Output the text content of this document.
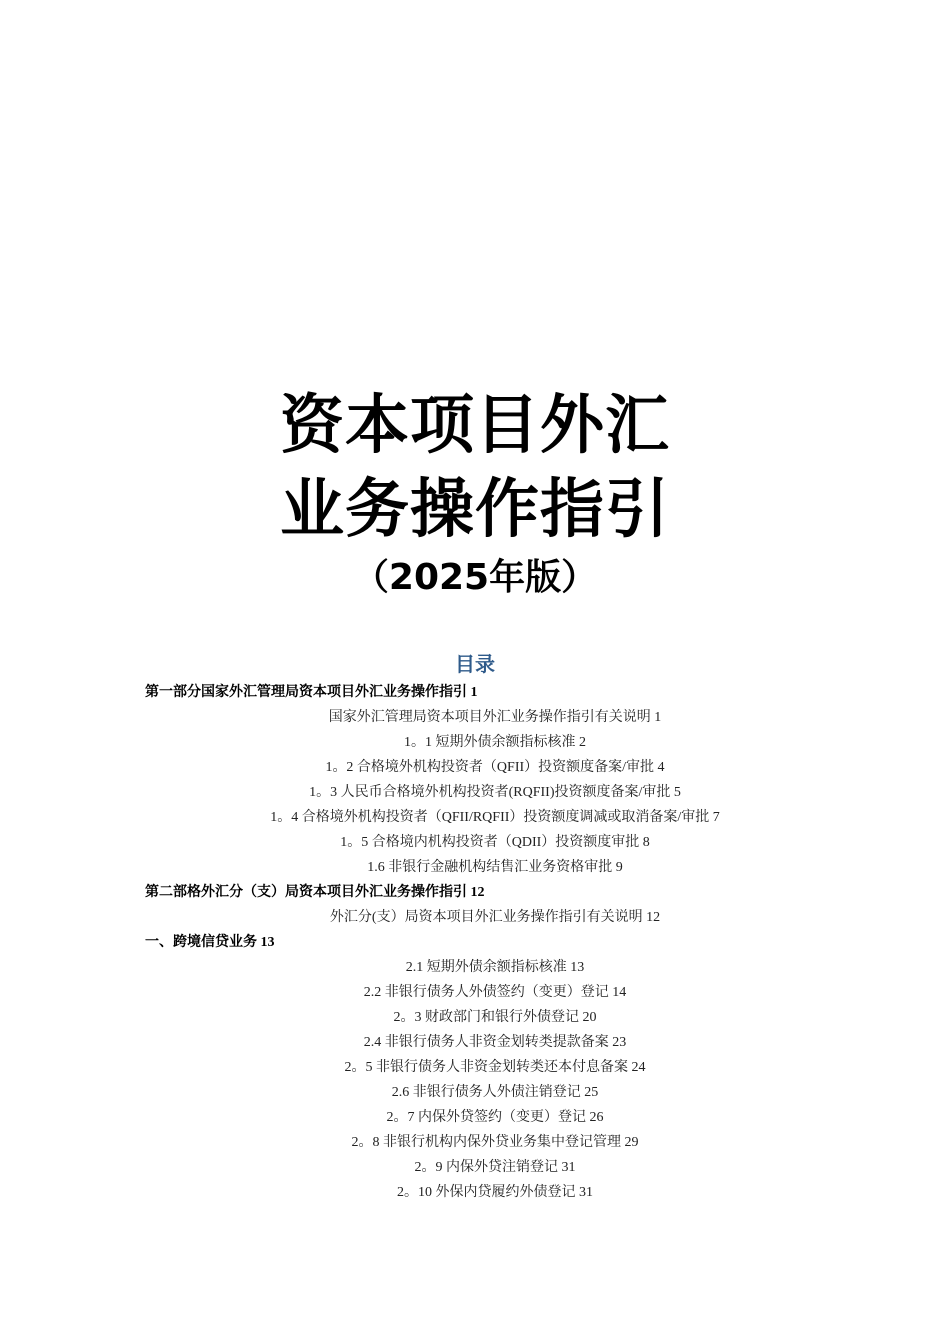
资本项目外汇
业务操作指引
（2025年版）
目录
第一部分国家外汇管理局资本项目外汇业务操作指引 1
国家外汇管理局资本项目外汇业务操作指引有关说明 1
1。1 短期外债余额指标核准 2
1。2 合格境外机构投资者（QFII）投资额度备案/审批 4
1。3 人民币合格境外机构投资者(RQFII)投资额度备案/审批 5
1。4 合格境外机构投资者（QFII/RQFII）投资额度调减或取消备案/审批 7
1。5 合格境内机构投资者（QDII）投资额度审批 8
1.6 非银行金融机构结售汇业务资格审批 9
第二部格外汇分（支）局资本项目外汇业务操作指引 12
外汇分(支）局资本项目外汇业务操作指引有关说明 12
一、跨境信贷业务 13
2.1 短期外债余额指标核准 13
2.2 非银行债务人外债签约（变更）登记 14
2。3 财政部门和银行外债登记 20
2.4 非银行债务人非资金划转类提款备案 23
2。5 非银行债务人非资金划转类还本付息备案 24
2.6 非银行债务人外债注销登记 25
2。7 内保外贷签约（变更）登记 26
2。8 非银行机构内保外贷业务集中登记管理 29
2。9 内保外贷注销登记 31
2。10 外保内贷履约外债登记 31
